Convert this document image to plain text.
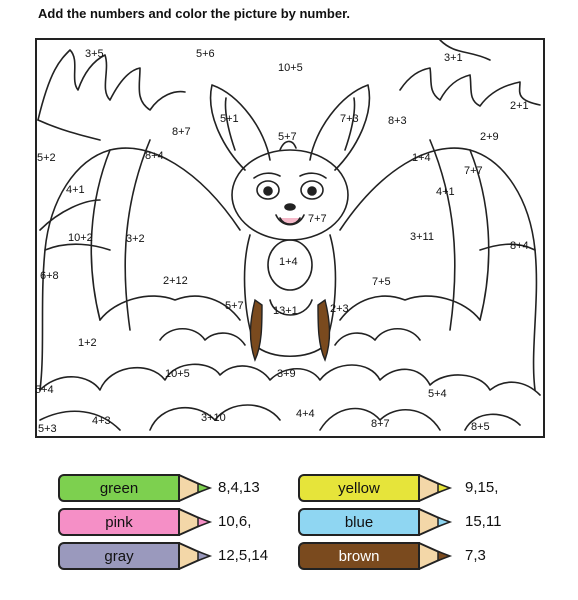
Add the numbers and color the picture by number.
3+5	5+6
10+5
3+1
2+1
5+1	7+3	8+3
8+7	5+7	2+9
5+2	8+4	1+4
7+7
4+1	4+1
7+7
10+2	3+2	3+11
8+4
1+4
6+8	2+12	7+5
5+7	13+1	2+3
1+2
10+5	3+9
5+4	5+4
4+3	3+10	4+4
8+7
5+3	8+5
green	8,4,13	yellow	9,15,
pink	10,6,	blue	15,11
gray	12,5,14	brown	7,3
